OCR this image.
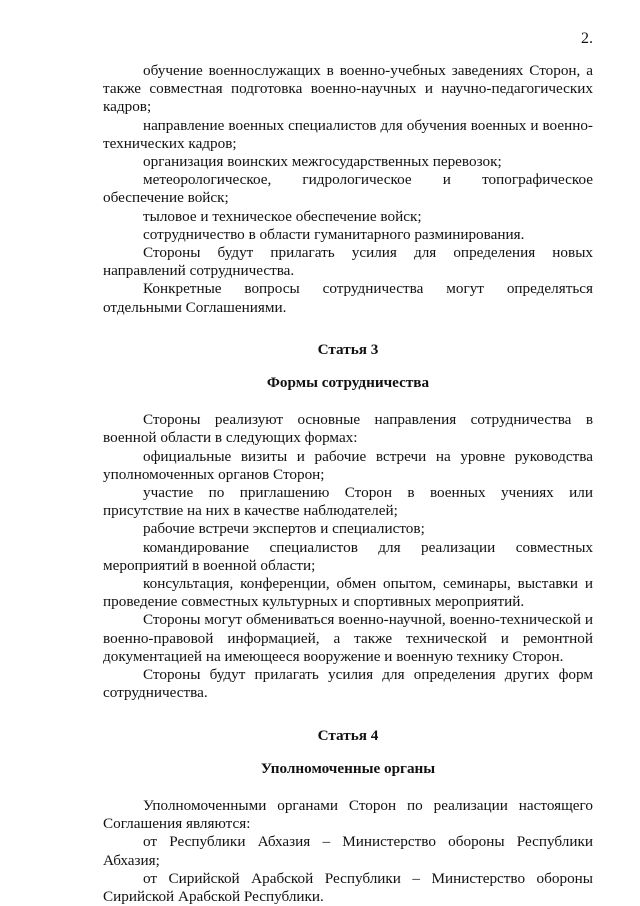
2.

обучение военнослужащих в военно-учебных заведениях Сторон, а также совместная подготовка военно-научных и научно-педагогических кадров;

направление военных специалистов для обучения военных и военно-технических кадров;

организация воинских межгосударственных перевозок;

метеорологическое, гидрологическое и топографическое обеспечение войск;

тыловое и техническое обеспечение войск;

сотрудничество в области гуманитарного разминирования.

Стороны будут прилагать усилия для определения новых направлений сотрудничества.

Конкретные вопросы сотрудничества могут определяться отдельными Соглашениями.

Статья 3
Формы сотрудничества

Стороны реализуют основные направления сотрудничества в военной области в следующих формах:

официальные визиты и рабочие встречи на уровне руководства уполномоченных органов Сторон;

участие по приглашению Сторон в военных учениях или присутствие на них в качестве наблюдателей;

рабочие встречи экспертов и специалистов;

командирование специалистов для реализации совместных мероприятий в военной области;

консультация, конференции, обмен опытом, семинары, выставки и проведение совместных культурных и спортивных мероприятий.

Стороны могут обмениваться военно-научной, военно-технической и военно-правовой информацией, а также технической и ремонтной документацией на имеющееся вооружение и военную технику Сторон.

Стороны будут прилагать усилия для определения других форм сотрудничества.

Статья 4
Уполномоченные органы

Уполномоченными органами Сторон по реализации настоящего Соглашения являются:

от Республики Абхазия – Министерство обороны Республики Абхазия;

от Сирийской Арабской Республики – Министерство обороны Сирийской Арабской Республики.
